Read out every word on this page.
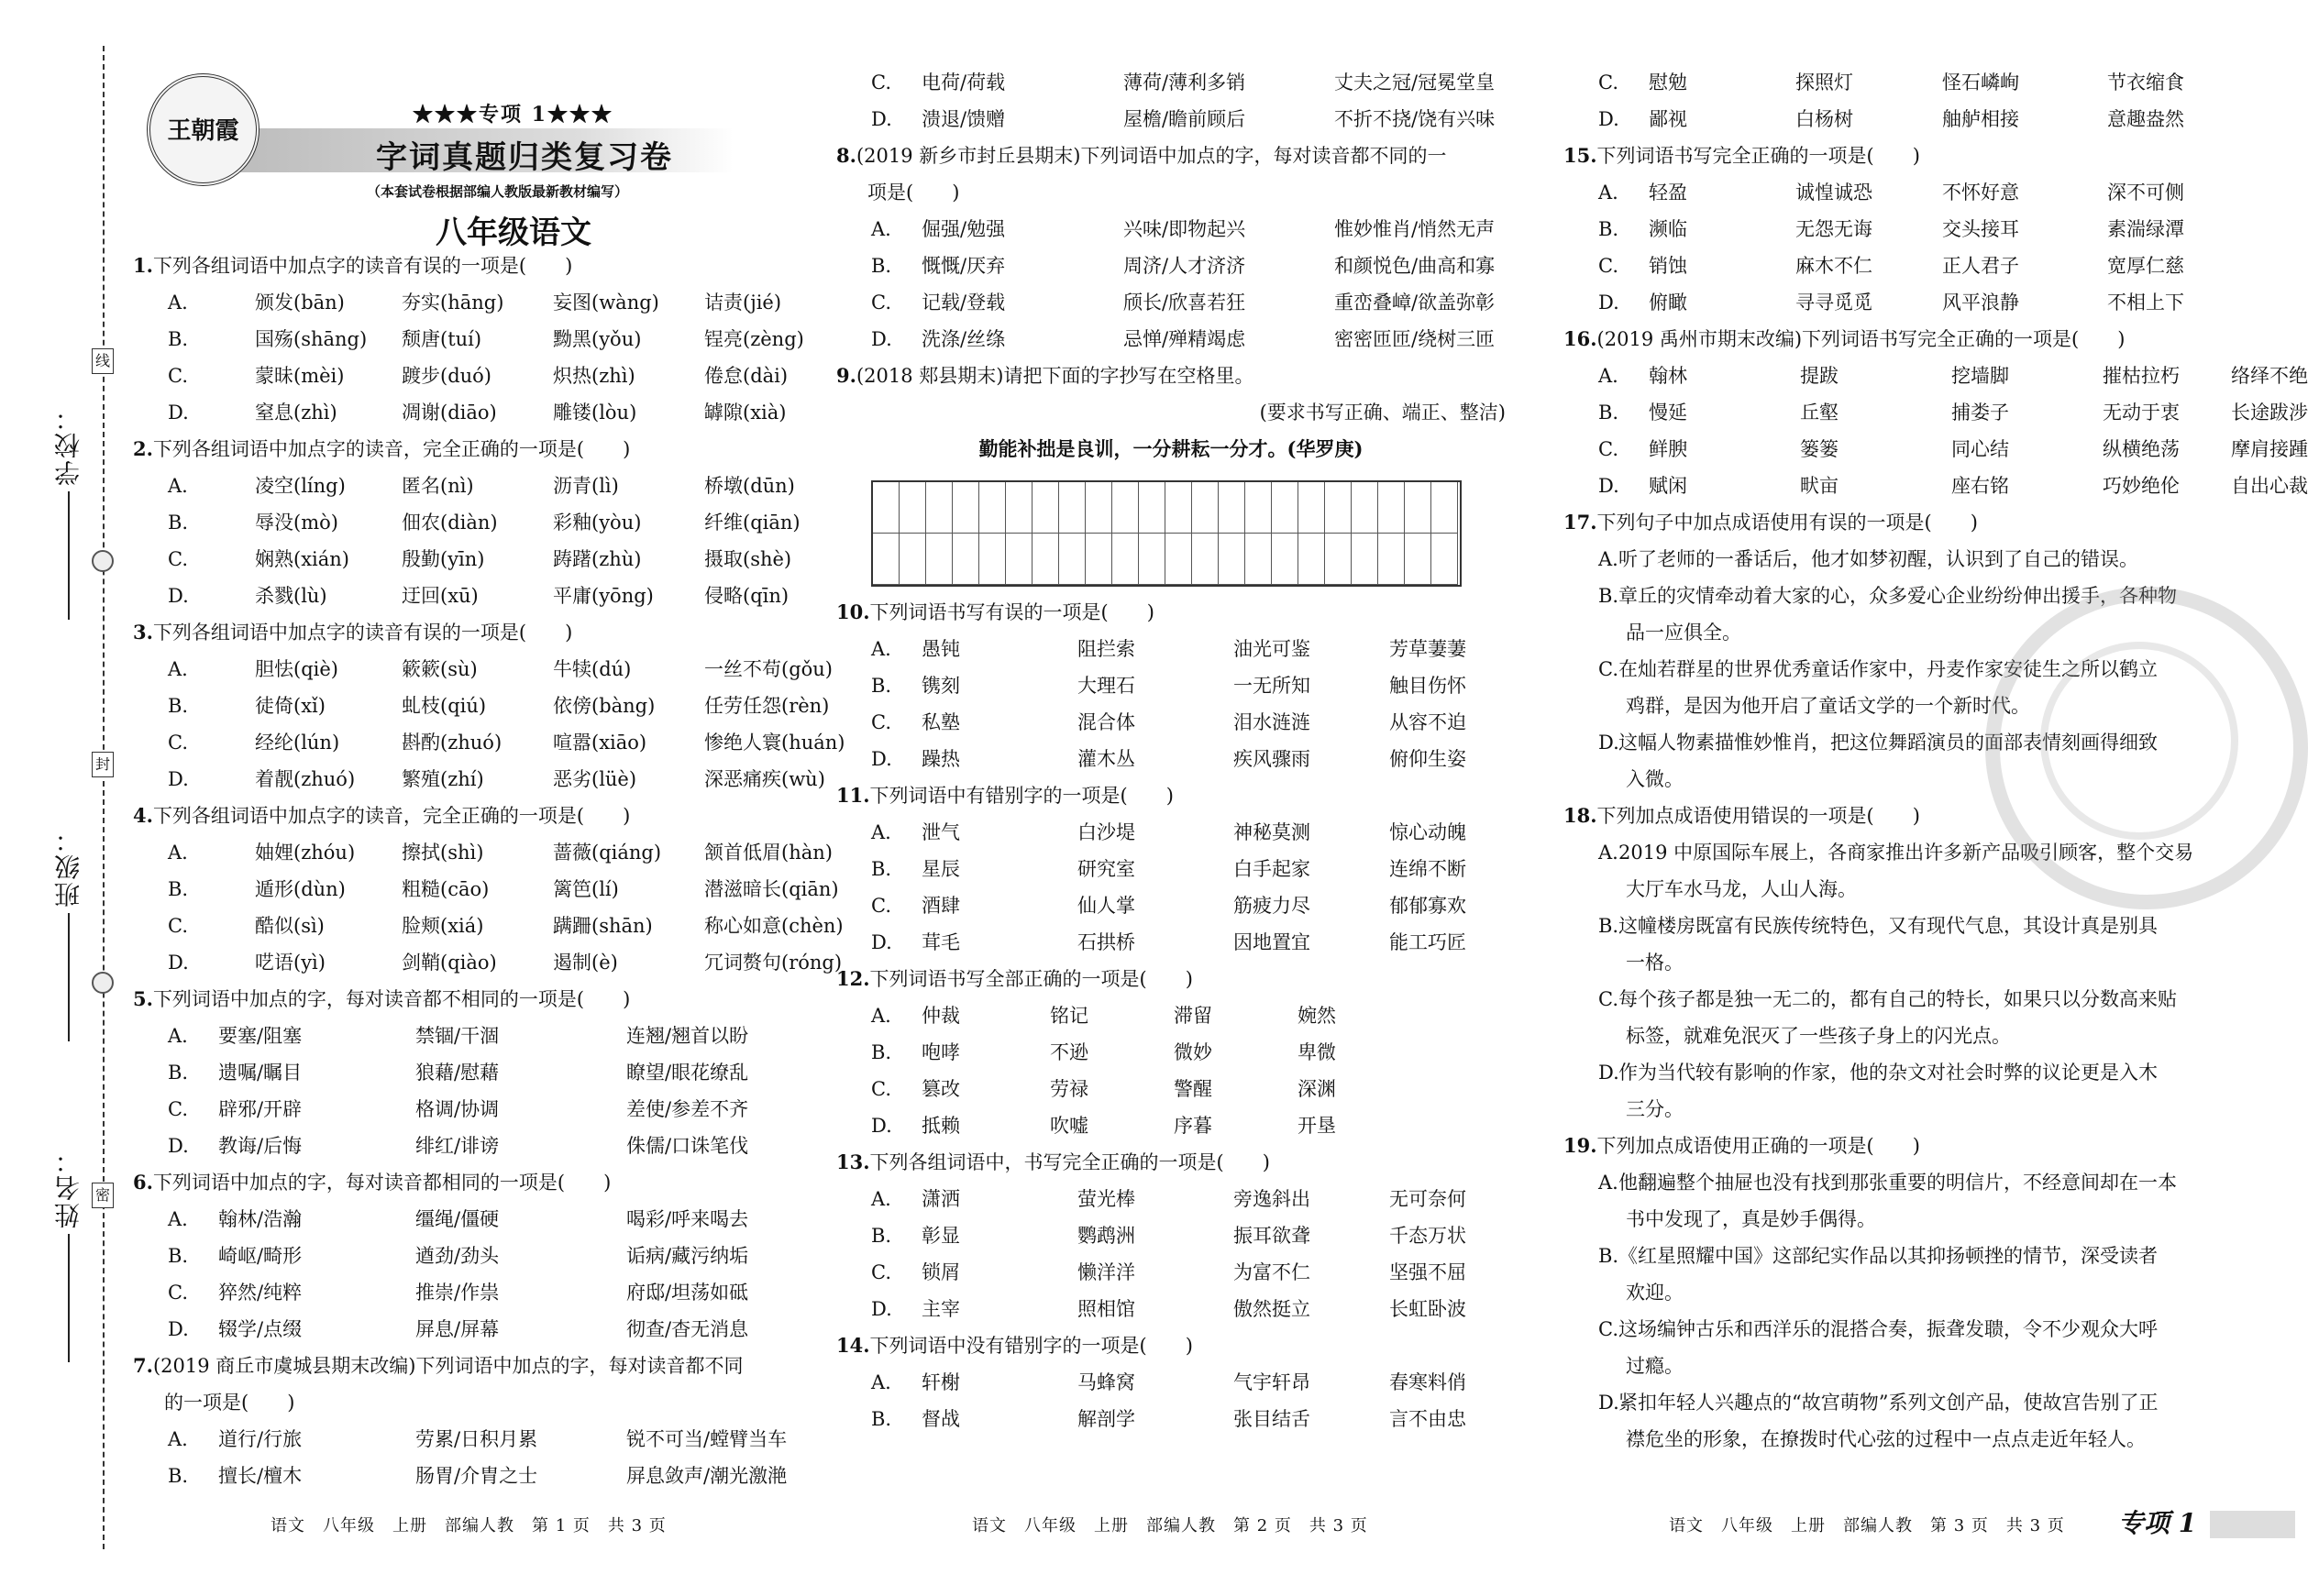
线
封
密
学校：
班级：
姓名：
王朝霞
★★★专项 1★★★
字词真题归类复习卷
（本套试卷根据部编人教版最新教材编写）
八年级语文
1.下列各组词语中加点字的读音有误的一项是(　　)
A.	颁发(bān)	夯实(hāng)	妄图(wàng)	诘责(jié)
B.	国殇(shāng)	颓唐(tuí)	黝黑(yǒu)	锃亮(zèng)
C.	蒙昧(mèi)	踱步(duó)	炽热(zhì)	倦怠(dài)
D.	窒息(zhì)	凋谢(diāo)	雕镂(lòu)	罅隙(xià)
2.下列各组词语中加点字的读音，完全正确的一项是(　　)
A.	凌空(líng)	匿名(nì)	沥青(lì)	桥墩(dūn)
B.	辱没(mò)	佃农(diàn)	彩釉(yòu)	纤维(qiān)
C.	娴熟(xián)	殷勤(yīn)	踌躇(zhù)	摄取(shè)
D.	杀戮(lù)	迂回(xū)	平庸(yōng)	侵略(qīn)
3.下列各组词语中加点字的读音有误的一项是(　　)
A.	胆怯(qiè)	簌簌(sù)	牛犊(dú)	一丝不苟(gǒu)
B.	徒倚(xǐ)	虬枝(qiú)	依傍(bàng)	任劳任怨(rèn)
C.	经纶(lún)	斟酌(zhuó)	喧嚣(xiāo)	惨绝人寰(huán)
D.	着靓(zhuó)	繁殖(zhí)	恶劣(lüè)	深恶痛疾(wù)
4.下列各组词语中加点字的读音，完全正确的一项是(　　)
A.	妯娌(zhóu)	擦拭(shì)	蔷薇(qiáng)	颔首低眉(hàn)
B.	遁形(dùn)	粗糙(cāo)	篱笆(lí)	潜滋暗长(qiān)
C.	酷似(sì)	脸颊(xiá)	蹒跚(shān)	称心如意(chèn)
D.	呓语(yì)	剑鞘(qiào)	遏制(è)	冗词赘句(róng)
5.下列词语中加点的字，每对读音都不相同的一项是(　　)
A.	要塞/阻塞	禁锢/干涸	连翘/翘首以盼
B.	遗嘱/瞩目	狼藉/慰藉	瞭望/眼花缭乱
C.	辟邪/开辟	格调/协调	差使/参差不齐
D.	教诲/后悔	绯红/诽谤	侏儒/口诛笔伐
6.下列词语中加点的字，每对读音都相同的一项是(　　)
A.	翰林/浩瀚	缰绳/僵硬	喝彩/呼来喝去
B.	崎岖/畸形	遒劲/劲头	诟病/藏污纳垢
C.	猝然/纯粹	推崇/作祟	府邸/坦荡如砥
D.	辍学/点缀	屏息/屏幕	彻查/杳无消息
7.(2019 商丘市虞城县期末改编)下列词语中加点的字，每对读音都不同
的一项是(　　)
A.	道行/行旅	劳累/日积月累	锐不可当/螳臂当车
B.	擅长/檀木	肠胃/介胄之士	屏息敛声/潮光激滟
C.	电荷/荷载	薄荷/薄利多销	丈夫之冠/冠冕堂皇
D.	溃退/馈赠	屋檐/瞻前顾后	不折不挠/饶有兴味
8.(2019 新乡市封丘县期末)下列词语中加点的字，每对读音都不同的一
项是(　　)
A.	倔强/勉强	兴味/即物起兴	惟妙惟肖/悄然无声
B.	慨慨/厌弃	周济/人才济济	和颜悦色/曲高和寡
C.	记载/登载	颀长/欣喜若狂	重峦叠嶂/欲盖弥彰
D.	洗涤/丝绦	忌惮/殚精竭虑	密密匝匝/绕树三匝
9.(2018 郏县期末)请把下面的字抄写在空格里。
(要求书写正确、端正、整洁)
勤能补拙是良训，一分耕耘一分才。(华罗庚)
10.下列词语书写有误的一项是(　　)
A.	愚钝	阻拦索	油光可鉴	芳草萋萋
B.	镌刻	大理石	一无所知	触目伤怀
C.	私塾	混合体	泪水涟涟	从容不迫
D.	躁热	灌木丛	疾风骤雨	俯仰生姿
11.下列词语中有错别字的一项是(　　)
A.	泄气	白沙堤	神秘莫测	惊心动魄
B.	星辰	研究室	白手起家	连绵不断
C.	酒肆	仙人掌	筋疲力尽	郁郁寡欢
D.	茸毛	石拱桥	因地置宜	能工巧匠
12.下列词语书写全部正确的一项是(　　)
A.	仲裁	铭记	滞留	婉然
B.	咆哮	不逊	微妙	卑微
C.	篡改	劳禄	警醒	深渊
D.	抵赖	吹嘘	序暮	开垦
13.下列各组词语中，书写完全正确的一项是(　　)
A.	潇洒	萤光棒	旁逸斜出	无可奈何
B.	彰显	鹦鹉洲	振耳欲聋	千态万状
C.	锁屑	懒洋洋	为富不仁	坚强不屈
D.	主宰	照相馆	傲然挺立	长虹卧波
14.下列词语中没有错别字的一项是(　　)
A.	轩榭	马蜂窝	气宇轩昂	春寒料俏
B.	督战	解剖学	张目结舌	言不由忠
C.	慰勉	探照灯	怪石嶙峋	节衣缩食
D.	鄙视	白杨树	舳舻相接	意趣盎然
15.下列词语书写完全正确的一项是(　　)
A.	轻盈	诚惶诚恐	不怀好意	深不可侧
B.	濒临	无怨无诲	交头接耳	素湍绿潭
C.	销蚀	麻木不仁	正人君子	宽厚仁慈
D.	俯瞰	寻寻觅觅	风平浪静	不相上下
16.(2019 禹州市期末改编)下列词语书写完全正确的一项是(　　)
A.	翰林	提跋	挖墙脚	摧枯拉朽	络绎不绝
B.	慢延	丘壑	捕娄子	无动于衷	长途跋涉
C.	鲜腴	篓篓	同心结	纵横绝荡	摩肩接踵
D.	赋闲	畎亩	座右铭	巧妙绝伦	自出心裁
17.下列句子中加点成语使用有误的一项是(　　)
A.听了老师的一番话后，他才如梦初醒，认识到了自己的错误。
B.章丘的灾情牵动着大家的心，众多爱心企业纷纷伸出援手，各种物
品一应俱全。
C.在灿若群星的世界优秀童话作家中，丹麦作家安徒生之所以鹤立
鸡群，是因为他开启了童话文学的一个新时代。
D.这幅人物素描惟妙惟肖，把这位舞蹈演员的面部表情刻画得细致
入微。
18.下列加点成语使用错误的一项是(　　)
A.2019 中原国际车展上，各商家推出许多新产品吸引顾客，整个交易
大厅车水马龙，人山人海。
B.这幢楼房既富有民族传统特色，又有现代气息，其设计真是别具
一格。
C.每个孩子都是独一无二的，都有自己的特长，如果只以分数高来贴
标签，就难免泯灭了一些孩子身上的闪光点。
D.作为当代较有影响的作家，他的杂文对社会时弊的议论更是入木
三分。
19.下列加点成语使用正确的一项是(　　)
A.他翻遍整个抽屉也没有找到那张重要的明信片，不经意间却在一本
书中发现了，真是妙手偶得。
B.《红星照耀中国》这部纪实作品以其抑扬顿挫的情节，深受读者
欢迎。
C.这场编钟古乐和西洋乐的混搭合奏，振聋发聩，令不少观众大呼
过瘾。
D.紧扣年轻人兴趣点的“故宫萌物”系列文创产品，使故宫告别了正
襟危坐的形象，在撩拨时代心弦的过程中一点点走近年轻人。
语文　八年级　上册　部编人教　第 1 页　共 3 页	语文　八年级　上册　部编人教　第 2 页　共 3 页	语文　八年级　上册　部编人教　第 3 页　共 3 页 专项 1
